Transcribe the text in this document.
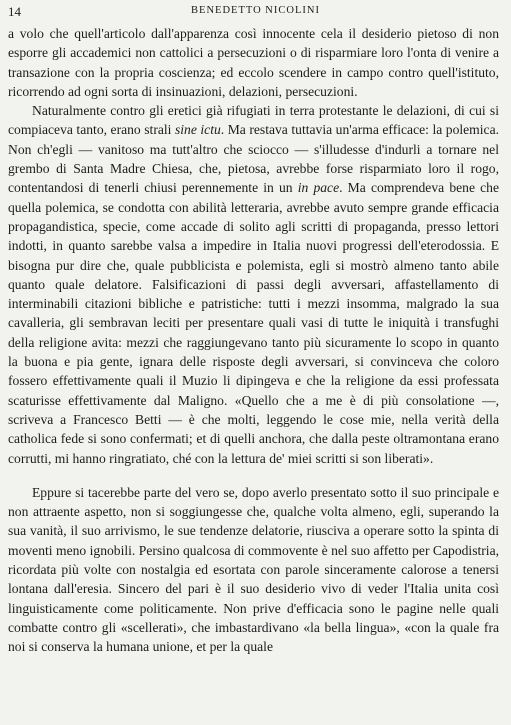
14	BENEDETTO NICOLINI

a volo che quell'articolo dall'apparenza così innocente cela il desiderio pietoso di non esporre gli accademici non cattolici a persecuzioni o di risparmiare loro l'onta di venire a transazione con la propria coscienza; ed eccolo scendere in campo contro quell'istituto, ricorrendo ad ogni sorta di insinuazioni, delazioni, persecuzioni.

Naturalmente contro gli eretici già rifugiati in terra protestante le delazioni, di cui si compiaceva tanto, erano strali sine ictu. Ma restava tuttavia un'arma efficace: la polemica. Non ch'egli — vanitoso ma tutt'altro che sciocco — s'illudesse d'indurli a tornare nel grembo di Santa Madre Chiesa, che, pietosa, avrebbe forse risparmiato loro il rogo, contentandosi di tenerli chiusi perennemente in un in pace. Ma comprendeva bene che quella polemica, se condotta con abilità letteraria, avrebbe avuto sempre grande efficacia propagandistica, specie, come accade di solito agli scritti di propaganda, presso lettori indotti, in quanto sarebbe valsa a impedire in Italia nuovi progressi dell'eterodossia. E bisogna pur dire che, quale pubblicista e polemista, egli si mostrò almeno tanto abile quanto quale delatore. Falsificazioni di passi degli avversari, affastellamento di interminabili citazioni bibliche e patristiche: tutti i mezzi insomma, malgrado la sua cavalleria, gli sembravan leciti per presentare quali vasi di tutte le iniquità i transfughi della religione avita: mezzi che raggiungevano tanto più sicuramente lo scopo in quanto la buona e pia gente, ignara delle risposte degli avversari, si convinceva che coloro fossero effettivamente quali il Muzio li dipingeva e che la religione da essi professata scaturisse effettivamente dal Maligno. «Quello che a me è di più consolatione —, scriveva a Francesco Betti — è che molti, leggendo le cose mie, nella verità della catholica fede si sono confermati; et di quelli anchora, che dalla peste oltramontana erano corrutti, mi hanno ringratiato, ché con la lettura de' miei scritti si son liberati».

Eppure si tacerebbe parte del vero se, dopo averlo presentato sotto il suo principale e non attraente aspetto, non si soggiungesse che, qualche volta almeno, egli, superando la sua vanità, il suo arrivismo, le sue tendenze delatorie, riusciva a operare sotto la spinta di moventi meno ignobili. Persino qualcosa di commovente è nel suo affetto per Capodistria, ricordata più volte con nostalgia ed esortata con parole sinceramente calorose a tenersi lontana dall'eresia. Sincero del pari è il suo desiderio vivo di veder l'Italia unita così linguisticamente come politicamente. Non prive d'efficacia sono le pagine nelle quali combatte contro gli «scellerati», che imbastardivano «la bella lingua», «con la quale fra noi si conserva la humana unione, et per la quale
